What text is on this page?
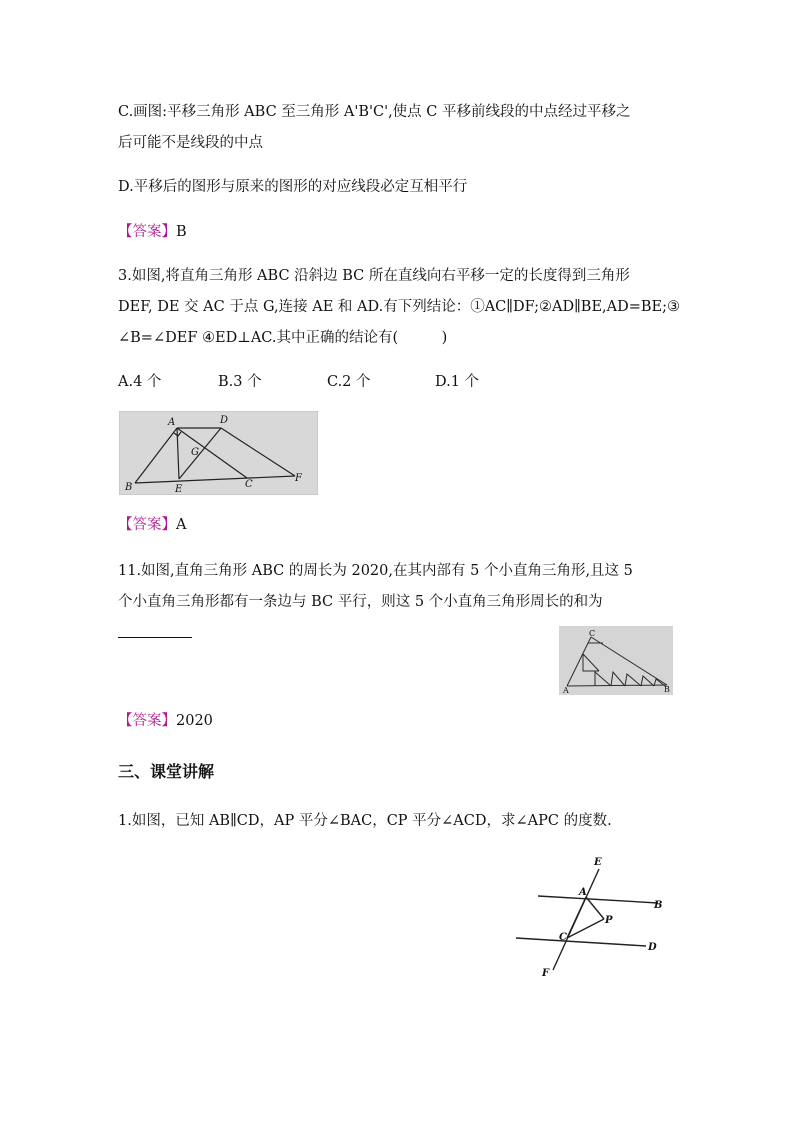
C.画图:平移三角形 ABC 至三角形 A'B'C',使点 C 平移前线段的中点经过平移之
后可能不是线段的中点
D.平移后的图形与原来的图形的对应线段必定互相平行
【答案】B
3.如图,将直角三角形 ABC 沿斜边 BC 所在直线向右平移一定的长度得到三角形
DEF, DE 交 AC 于点 G,连接 AE 和 AD.有下列结论：①AC∥DF;②AD∥BE,AD=BE;③
∠B=∠DEF ④ED⊥AC.其中正确的结论有(　　　)
A.4 个	B.3 个	C.2 个	D.1 个
A	D
G
B	E	C
F
【答案】A
11.如图,直角三角形 ABC 的周长为 2020,在其内部有 5 个小直角三角形,且这 5
个小直角三角形都有一条边与 BC 平行，则这 5 个小直角三角形周长的和为
C
A	B
【答案】2020
三、课堂讲解
1.如图，已知 AB∥CD，AP 平分∠BAC，CP 平分∠ACD，求∠APC 的度数.
E
A
B
P
C
D
F
